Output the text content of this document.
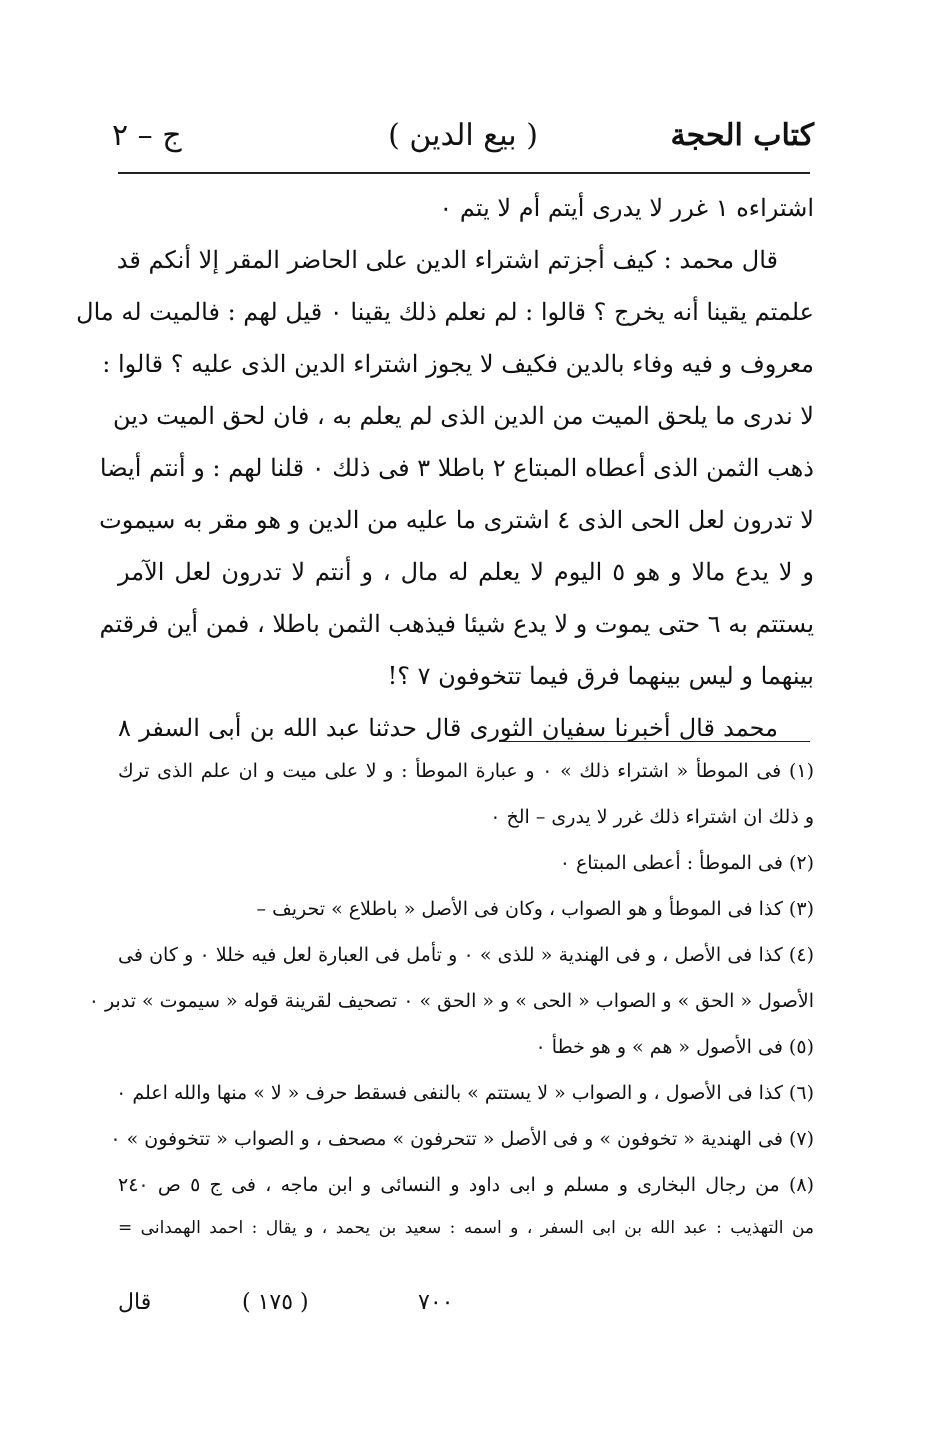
كتاب الحجة
( بيع الدين )
ج – ٢
اشتراءه ١ غرر لا يدرى أيتم أم لا يتم ٠
قال محمد : كيف أجزتم اشتراء الدين على الحاضر المقر إلا أنكم قد
علمتم يقينا أنه يخرج ؟ قالوا : لم نعلم ذلك يقينا ٠ قيل لهم : فالميت له مال
معروف و فيه وفاء بالدين فكيف لا يجوز اشتراء الدين الذى عليه ؟ قالوا :
لا ندرى ما يلحق الميت من الدين الذى لم يعلم به ، فان لحق الميت دين
ذهب الثمن الذى أعطاه المبتاع ٢ باطلا ٣ فى ذلك ٠ قلنا لهم : و أنتم أيضا
لا تدرون لعل الحى الذى ٤ اشترى ما عليه من الدين و هو مقر به سيموت
و لا يدع مالا و هو ٥ اليوم لا يعلم له مال ، و أنتم لا تدرون لعل الآمر
يستتم به ٦ حتى يموت و لا يدع شيئا فيذهب الثمن باطلا ، فمن أين فرقتم
بينهما و ليس بينهما فرق فيما تتخوفون ٧ ؟!
محمد قال أخبرنا سفيان الثورى قال حدثنا عبد الله بن أبى السفر ٨
(١) فى الموطأ « اشتراء ذلك » ٠ و عبارة الموطأ : و لا على ميت و ان علم الذى ترك
و ذلك ان اشتراء ذلك غرر لا يدرى – الخ ٠
(٢) فى الموطأ : أعطى المبتاع ٠
(٣) كذا فى الموطأ و هو الصواب ، وكان فى الأصل « باطلاع » تحريف –
(٤) كذا فى الأصل ، و فى الهندية « للذى » ٠ و تأمل فى العبارة لعل فيه خللا ٠ و كان فى
الأصول « الحق » و الصواب « الحى » و « الحق » ٠ تصحيف لقرينة قوله « سيموت » تدبر ٠
(٥) فى الأصول « هم » و هو خطأ ٠
(٦) كذا فى الأصول ، و الصواب « لا يستتم » بالنفى فسقط حرف « لا » منها والله اعلم ٠
(٧) فى الهندية « تخوفون » و فى الأصل « تتحرفون » مصحف ، و الصواب « تتخوفون » ٠
(٨) من رجال البخارى و مسلم و ابى داود و النسائى و ابن ماجه ، فى ج ٥ ص ٢٤٠
من التهذيب : عبد الله بن ابى السفر ، و اسمه : سعيد بن يحمد ، و يقال : احمد الهمدانى =
٧٠٠
( ١٧٥ )
قال
